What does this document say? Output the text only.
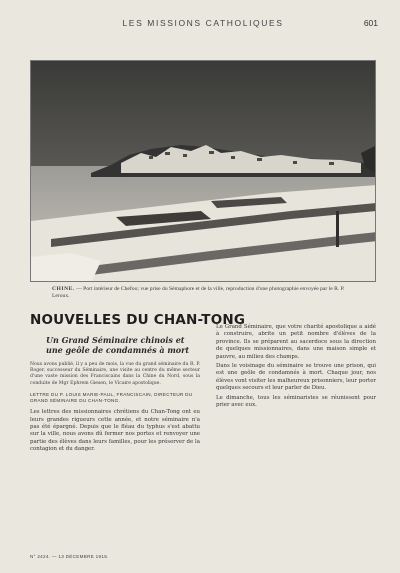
LES MISSIONS CATHOLIQUES	601
CHINE. — Port intérieur de Chefoo; vue prise du Sémaphore et de la ville, reproduction d'une photographie envoyée par le R. P. Leroux.
NOUVELLES DU CHAN-TONG
Un Grand Séminaire chinois et une geôle de condamnés à mort
Nous avons publié, il y a peu de mois, la vue du grand séminaire du R. P. Roger, successeur du Séminaire, une visite au centre du même secteur d'une vaste mission des Franciscains dans la Chine du Nord, sous la conduite de Mgr Ephrem Giesen, le Vicaire apostolique.
LETTRE DU P. LOUIS MARIE-PAUL, FRANCISCAIN, DIRECTEUR DU GRAND SÉMINAIRE DU CHAN-TONG.
Les lettres des missionnaires chrétiens du Chan-Tong ont eu leurs grandes rigueurs cette année, et notre séminaire n'a pas été épargné. Depuis que le fléau du typhus s'est abattu sur la ville, nous avons dû fermer nos portes et renvoyer une partie des élèves dans leurs familles, pour les préserver de la contagion et du danger.
Le Grand Séminaire, que votre charité apostolique a aidé à construire, abrite un petit nombre d'élèves de la province. Ils se préparent au sacerdoce sous la direction de quelques missionnaires, dans une maison simple et pauvre, au milieu des champs.
Dans le voisinage du séminaire se trouve une prison, qui est une geôle de condamnés à mort. Chaque jour, nos élèves vont visiter les malheureux prisonniers, leur porter quelques secours et leur parler de Dieu.
Le dimanche, tous les séminaristes se réunissent pour prier avec eux.
N° 2424. — 13 DÉCEMBRE 1915.
